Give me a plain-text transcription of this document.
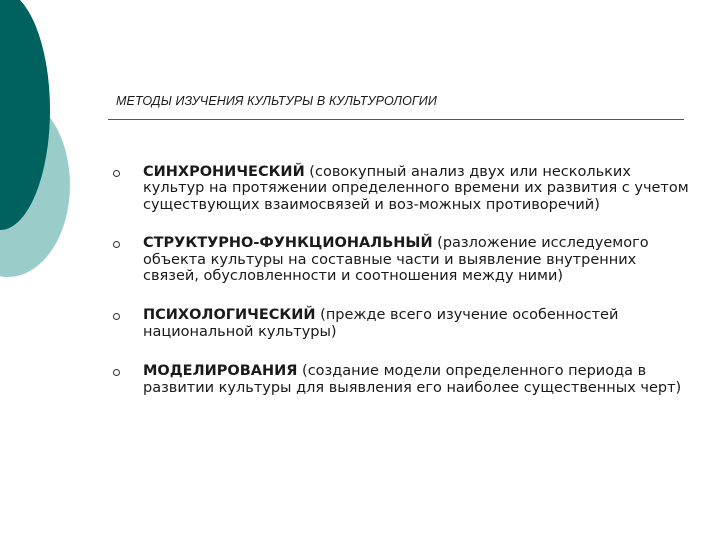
МЕТОДЫ ИЗУЧЕНИЯ КУЛЬТУРЫ В КУЛЬТУРОЛОГИИ
СИНХРОНИЧЕСКИЙ (совокупный анализ двух или нескольких культур на протяжении определенного времени их развития с учетом существующих взаимосвязей и воз-можных противоречий)
СТРУКТУРНО-ФУНКЦИОНАЛЬНЫЙ (разложение исследуемого объекта культуры на составные части и выявление внутренних связей, обусловленности и соотношения между ними)
ПСИХОЛОГИЧЕСКИЙ (прежде всего изучение особенностей национальной культуры)
МОДЕЛИРОВАНИЯ (создание модели определенного периода в развитии культуры для выявления его наиболее существенных черт)
